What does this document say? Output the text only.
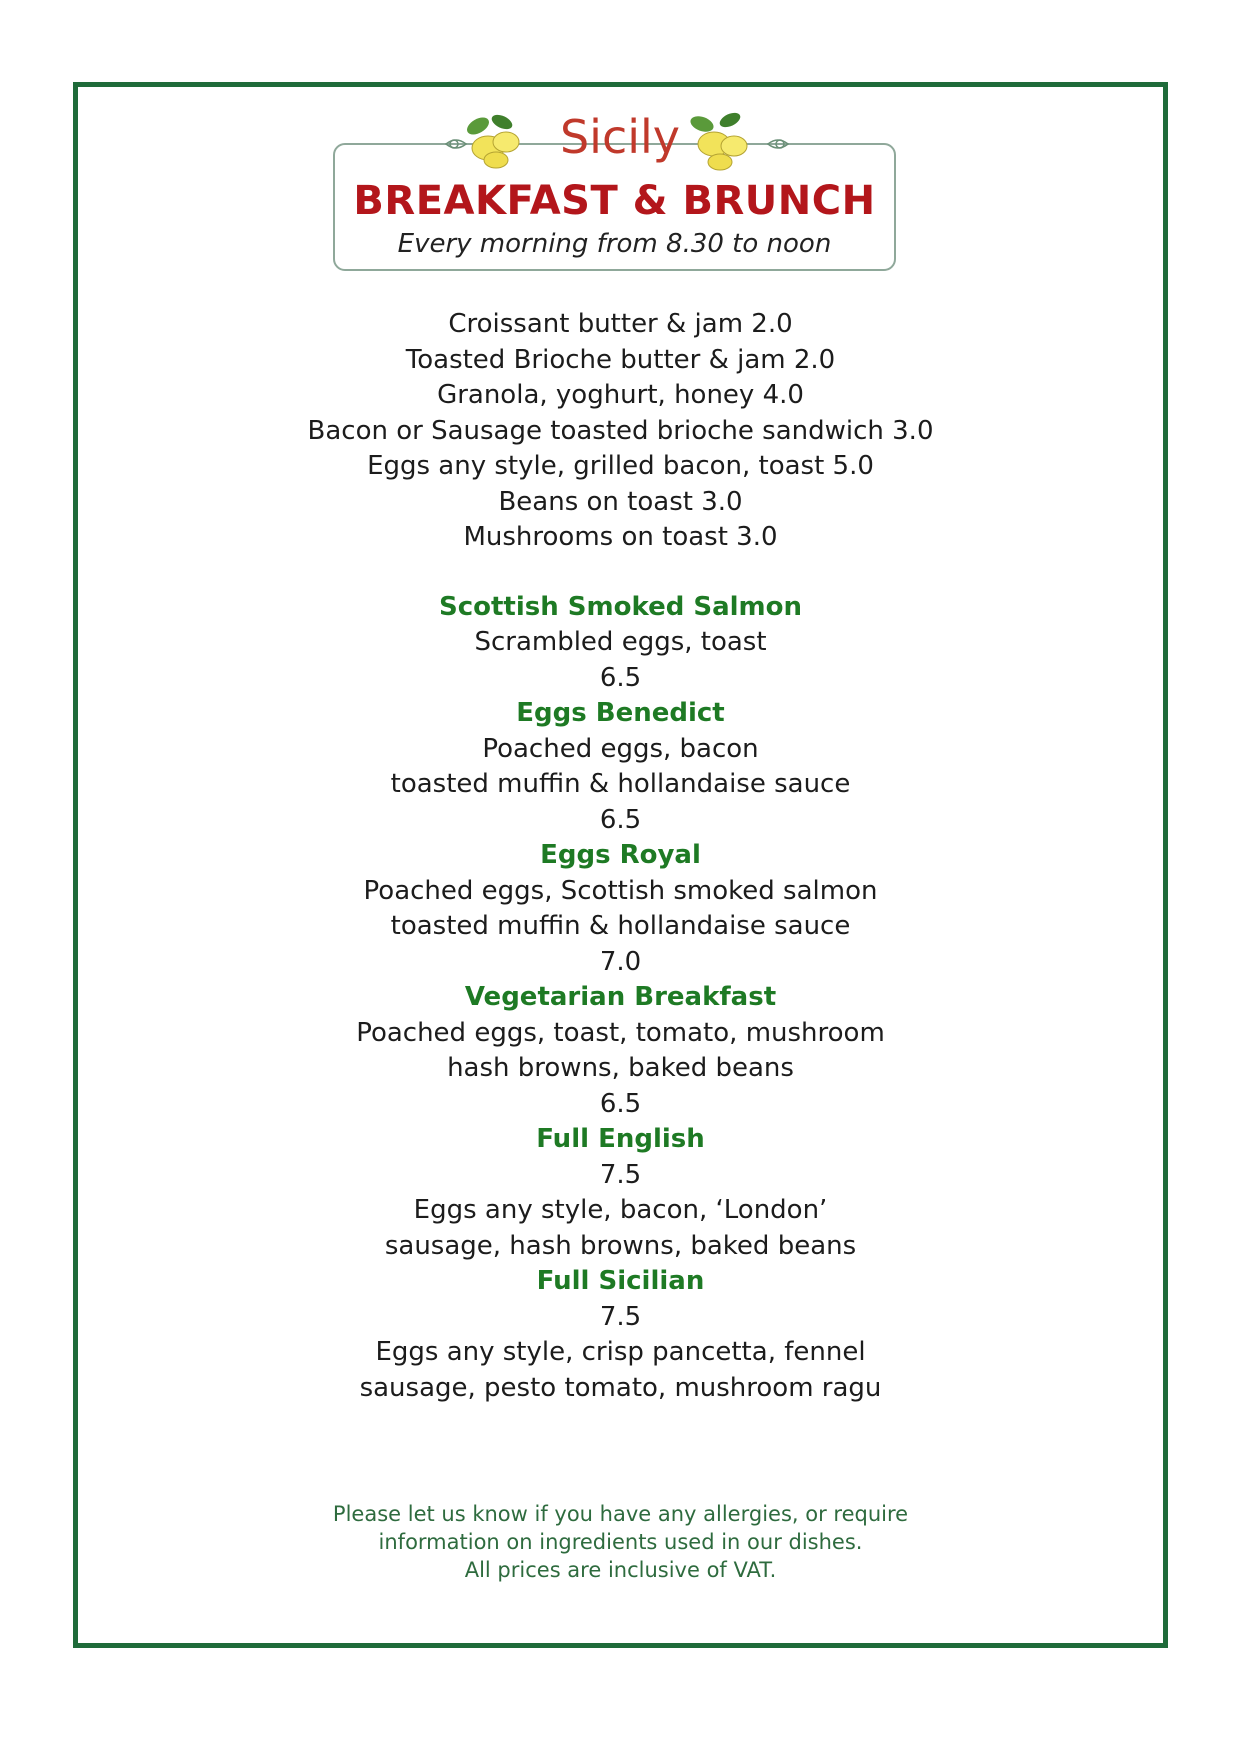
Sicily
BREAKFAST & BRUNCH
Every morning from 8.30 to noon
Croissant butter & jam 2.0
Toasted Brioche butter & jam 2.0
Granola, yoghurt, honey 4.0
Bacon or Sausage toasted brioche sandwich 3.0
Eggs any style, grilled bacon, toast 5.0
Beans on toast 3.0
Mushrooms on toast 3.0
Scottish Smoked Salmon
Scrambled eggs, toast
6.5
Eggs Benedict
Poached eggs, bacon
toasted muffin & hollandaise sauce
6.5
Eggs Royal
Poached eggs, Scottish smoked salmon
toasted muffin & hollandaise sauce
7.0
Vegetarian Breakfast
Poached eggs, toast, tomato, mushroom
hash browns, baked beans
6.5
Full English
7.5
Eggs any style, bacon, ‘London’
sausage, hash browns, baked beans
Full Sicilian
7.5
Eggs any style, crisp pancetta, fennel
sausage, pesto tomato, mushroom ragu
Please let us know if you have any allergies, or require
information on ingredients used in our dishes.
All prices are inclusive of VAT.
